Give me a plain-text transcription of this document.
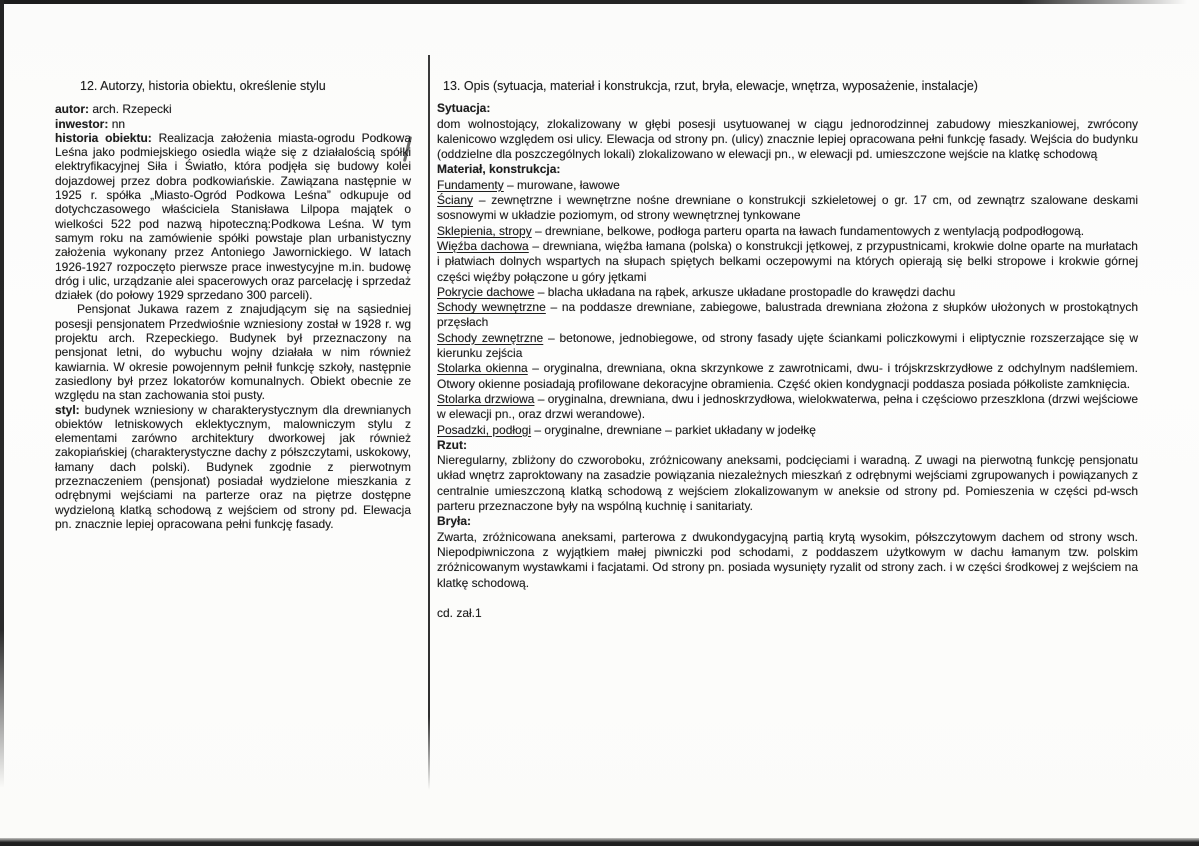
12. Autorzy, historia obiektu, określenie stylu

autor: arch. Rzepecki

inwestor: nn

historia obiektu: Realizacja założenia miasta-ogrodu Podkowa Leśna jako podmiejskiego osiedla wiąże się z działalością spółki elektryfikacyjnej Siła i Światło, która podjęła się budowy kolei dojazdowej przez dobra podkowiańskie. Zawiązana następnie w 1925 r. spółka „Miasto-Ogród Podkowa Leśna” odkupuje od dotychczasowego właściciela Stanisława Lilpopa majątek o wielkości 522 pod nazwą hipoteczną:Podkowa Leśna. W tym samym roku na zamówienie spółki powstaje plan urbanistyczny założenia wykonany przez Antoniego Jawornickiego. W latach 1926-1927 rozpoczęto pierwsze prace inwestycyjne m.in. budowę dróg i ulic, urządzanie alei spacerowych oraz parcelację i sprzedaż działek (do połowy 1929 sprzedano 300 parceli).

Pensjonat Jukawa razem z znajudjącym się na sąsiedniej posesji pensjonatem Przedwiośnie wzniesiony został w 1928 r. wg projektu arch. Rzepeckiego. Budynek był przeznaczony na pensjonat letni, do wybuchu wojny działała w nim również kawiarnia. W okresie powojennym pełnił funkcję szkoły, następnie zasiedlony był przez lokatorów komunalnych. Obiekt obecnie ze względu na stan zachowania stoi pusty.

styl: budynek wzniesiony w charakterystycznym dla drewnianych obiektów letniskowych eklektycznym, malowniczym stylu z elementami zarówno architektury dworkowej jak również zakopiańskiej (charakterystyczne dachy z półszczytami, uskokowy, łamany dach polski). Budynek zgodnie z pierwotnym przeznaczeniem (pensjonat) posiadał wydzielone mieszkania z odrębnymi wejściami na parterze oraz na piętrze dostępne wydzieloną klatką schodową z wejściem od strony pd. Elewacja pn. znacznie lepiej opracowana pełni funkcję fasady.

13. Opis (sytuacja, materiał i konstrukcja, rzut, bryła, elewacje, wnętrza, wyposażenie, instalacje)

Sytuacja:

dom wolnostojący, zlokalizowany w głębi posesji usytuowanej w ciągu jednorodzinnej zabudowy mieszkaniowej, zwrócony kalenicowo względem osi ulicy. Elewacja od strony pn. (ulicy) znacznie lepiej opracowana pełni funkcję fasady. Wejścia do budynku (oddzielne dla poszczególnych lokali) zlokalizowano w elewacji pn., w elewacji pd. umieszczone wejście na klatkę schodową

Materiał, konstrukcja:

Fundamenty – murowane, ławowe

Ściany – zewnętrzne i wewnętrzne nośne drewniane o konstrukcji szkieletowej o gr. 17 cm, od zewnątrz szalowane deskami sosnowymi w układzie poziomym, od strony wewnętrznej tynkowane

Sklepienia, stropy – drewniane, belkowe, podłoga parteru oparta na ławach fundamentowych z wentylacją podpodłogową.

Więźba dachowa – drewniana, więźba łamana (polska) o konstrukcji jętkowej, z przypustnicami, krokwie dolne oparte na murłatach i płatwiach dolnych wspartych na słupach spiętych belkami oczepowymi na których opierają się belki stropowe i krokwie górnej części więźby połączone u góry jętkami

Pokrycie dachowe – blacha układana na rąbek, arkusze układane prostopadle do krawędzi dachu

Schody wewnętrzne – na poddasze drewniane, zabiegowe, balustrada drewniana złożona z słupków ułożonych w prostokątnych przęsłach

Schody zewnętrzne – betonowe, jednobiegowe, od strony fasady ujęte ściankami policzkowymi i eliptycznie rozszerzające się w kierunku zejścia

Stolarka okienna – oryginalna, drewniana, okna skrzynkowe z zawrotnicami, dwu- i trójskrzskrzydłowe z odchylnym nadślemiem. Otwory okienne posiadają profilowane dekoracyjne obramienia. Część okien kondygnacji poddasza posiada półkoliste zamknięcia.

Stolarka drzwiowa – oryginalna, drewniana, dwu i jednoskrzydłowa, wielokwaterwa, pełna i częściowo przeszklona (drzwi wejściowe w elewacji pn., oraz drzwi werandowe).

Posadzki, podłogi – oryginalne, drewniane – parkiet układany w jodełkę

Rzut:

Nieregularny, zbliżony do czworoboku, zróżnicowany aneksami, podcięciami i waradną. Z uwagi na pierwotną funkcję pensjonatu układ wnętrz zaproktowany na zasadzie powiązania niezależnych mieszkań z odrębnymi wejściami zgrupowanych i powiązanych z centralnie umieszczoną klatką schodową z wejściem zlokalizowanym w aneksie od strony pd. Pomieszenia w części pd-wsch parteru przeznaczone były na wspólną kuchnię i sanitariaty.

Bryła:

Zwarta, zróżnicowana aneksami, parterowa z dwukondygacyjną partią krytą wysokim, półszczytowym dachem od strony wsch. Niepodpiwniczona z wyjątkiem małej piwniczki pod schodami, z poddaszem użytkowym w dachu łamanym tzw. polskim zróżnicowanym wystawkami i facjatami. Od strony pn. posiada wysunięty ryzalit od strony zach. i w części środkowej z wejściem na klatkę schodową.

cd. zał.1
